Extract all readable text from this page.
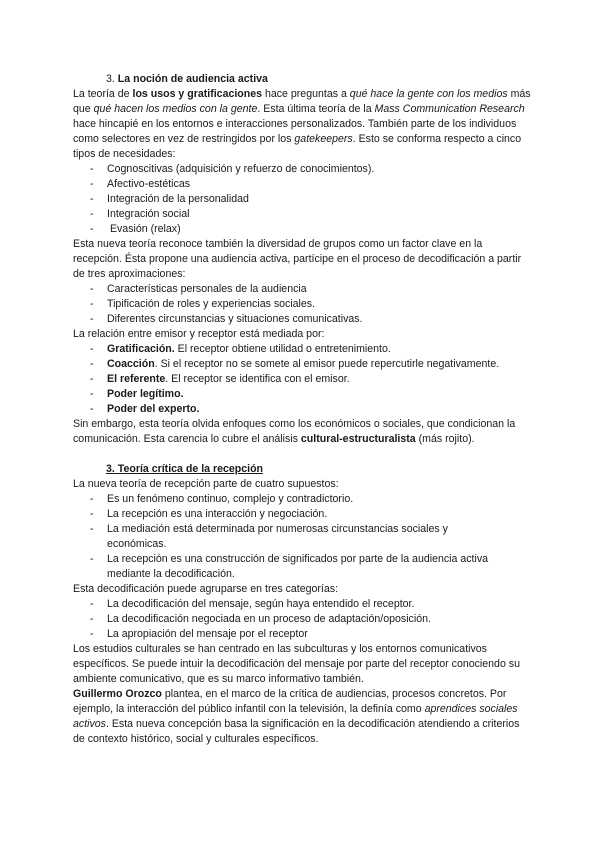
3. La noción de audiencia activa

La teoría de los usos y gratificaciones hace preguntas a qué hace la gente con los medios más que qué hacen los medios con la gente. Esta última teoría de la Mass Communication Research hace hincapié en los entornos e interacciones personalizados. También parte de los individuos como selectores en vez de restringidos por los gatekeepers. Esto se conforma respecto a cinco tipos de necesidades:

- Cognoscitivas (adquisición y refuerzo de conocimientos).
- Afectivo-estéticas
- Integración de la personalidad
- Integración social
-  Evasión (relax)

Esta nueva teoría reconoce también la diversidad de grupos como un factor clave en la recepción. Ésta propone una audiencia activa, partícipe en el proceso de decodificación a partir de tres aproximaciones:

- Características personales de la audiencia
- Tipificación de roles y experiencias sociales.
- Diferentes circunstancias y situaciones comunicativas.

La relación entre emisor y receptor está mediada por:

- Gratificación. El receptor obtiene utilidad o entretenimiento.
- Coacción. Si el receptor no se somete al emisor puede repercutirle negativamente.
- El referente. El receptor se identifica con el emisor.
- Poder legítimo.
- Poder del experto.

Sin embargo, esta teoría olvida enfoques como los económicos o sociales, que condicionan la comunicación. Esta carencia lo cubre el análisis cultural-estructuralista (más rojito).

3. Teoría crítica de la recepción

La nueva teoría de recepción parte de cuatro supuestos:

- Es un fenómeno continuo, complejo y contradictorio.
- La recepción es una interacción y negociación.
- La mediación está determinada por numerosas circunstancias sociales y económicas.
- La recepción es una construcción de significados por parte de la audiencia activa mediante la decodificación.

Esta decodificación puede agruparse en tres categorías:

- La decodificación del mensaje, según haya entendido el receptor.
- La decodificación negociada en un proceso de adaptación/oposición.
- La apropiación del mensaje por el receptor

Los estudios culturales se han centrado en las subculturas y los entornos comunicativos específicos. Se puede intuir la decodificación del mensaje por parte del receptor conociendo su ambiente comunicativo, que es su marco informativo también.

Guillermo Orozco plantea, en el marco de la crítica de audiencias, procesos concretos. Por ejemplo, la interacción del público infantil con la televisión, la definía como aprendices sociales activos. Esta nueva concepción basa la significación en la decodificación atendiendo a criterios de contexto histórico, social y culturales específicos.
